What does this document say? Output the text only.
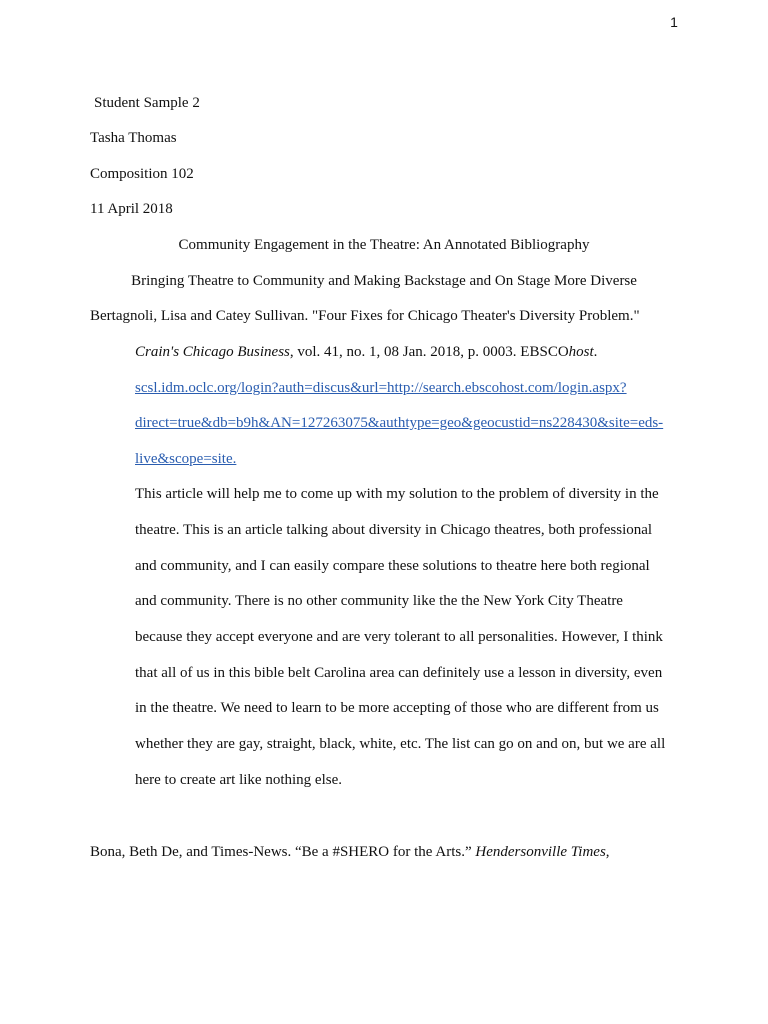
1
Student Sample 2
Tasha Thomas
Composition 102
11 April 2018
Community Engagement in the Theatre: An Annotated Bibliography
Bringing Theatre to Community and Making Backstage and On Stage More Diverse
Bertagnoli, Lisa and Catey Sullivan. "Four Fixes for Chicago Theater's Diversity Problem."
Crain's Chicago Business, vol. 41, no. 1, 08 Jan. 2018, p. 0003. EBSCOhost.
scsl.idm.oclc.org/login?auth=discus&url=http://search.ebscohost.com/login.aspx?
direct=true&db=b9h&AN=127263075&authtype=geo&geocustid=ns228430&site=eds-
live&scope=site.
This article will help me to come up with my solution to the problem of diversity in the
theatre. This is an article talking about diversity in Chicago theatres, both professional
and community, and I can easily compare these solutions to theatre here both regional
and community. There is no other community like the the New York City Theatre
because they accept everyone and are very tolerant to all personalities. However, I think
that all of us in this bible belt Carolina area can definitely use a lesson in diversity, even
in the theatre. We need to learn to be more accepting of those who are different from us
whether they are gay, straight, black, white, etc. The list can go on and on, but we are all
here to create art like nothing else.
Bona, Beth De, and Times-News. “Be a #SHERO for the Arts.” Hendersonville Times,
